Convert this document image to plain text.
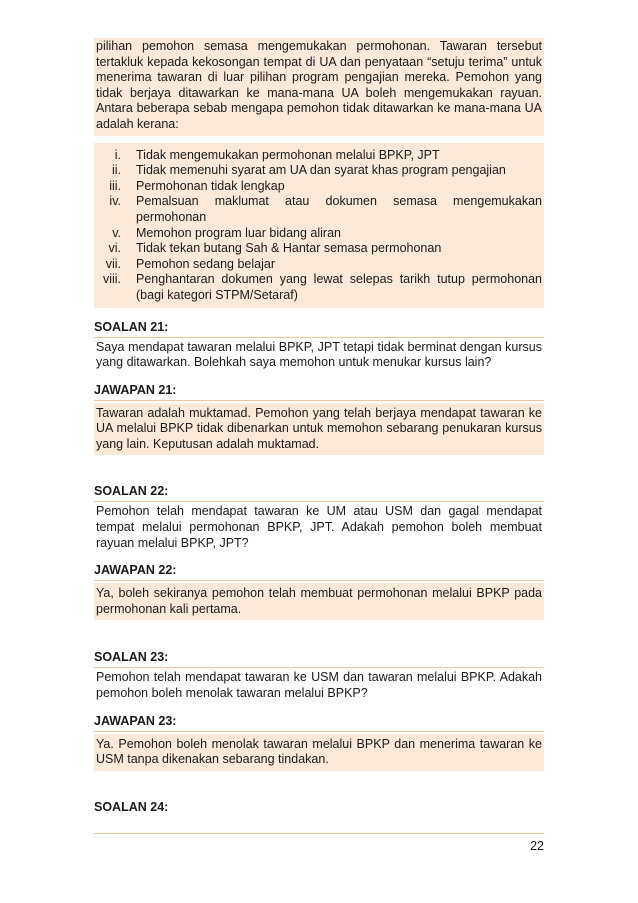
pilihan pemohon semasa mengemukakan permohonan. Tawaran tersebut tertakluk kepada kekosongan tempat di UA dan penyataan “setuju terima” untuk menerima tawaran di luar pilihan program pengajian mereka. Pemohon yang tidak berjaya ditawarkan ke mana-mana UA boleh mengemukakan rayuan. Antara beberapa sebab mengapa pemohon tidak ditawarkan ke mana-mana UA adalah kerana:
i. Tidak mengemukakan permohonan melalui BPKP, JPT
ii. Tidak memenuhi syarat am UA dan syarat khas program pengajian
iii. Permohonan tidak lengkap
iv. Pemalsuan maklumat atau dokumen semasa mengemukakan permohonan
v. Memohon program luar bidang aliran
vi. Tidak tekan butang Sah & Hantar semasa permohonan
vii. Pemohon sedang belajar
viii. Penghantaran dokumen yang lewat selepas tarikh tutup permohonan (bagi kategori STPM/Setaraf)
SOALAN 21:
Saya mendapat tawaran melalui BPKP, JPT tetapi tidak berminat dengan kursus yang ditawarkan. Bolehkah saya memohon untuk menukar kursus lain?
JAWAPAN 21:
Tawaran adalah muktamad. Pemohon yang telah berjaya mendapat tawaran ke UA melalui BPKP tidak dibenarkan untuk memohon sebarang penukaran kursus yang lain. Keputusan adalah muktamad.
SOALAN 22:
Pemohon telah mendapat tawaran ke UM atau USM dan gagal mendapat tempat melalui permohonan BPKP, JPT. Adakah pemohon boleh membuat rayuan melalui BPKP, JPT?
JAWAPAN 22:
Ya, boleh sekiranya pemohon telah membuat permohonan melalui BPKP pada permohonan kali pertama.
SOALAN 23:
Pemohon telah mendapat tawaran ke USM dan tawaran melalui BPKP. Adakah pemohon boleh menolak tawaran melalui BPKP?
JAWAPAN 23:
Ya. Pemohon boleh menolak tawaran melalui BPKP dan menerima tawaran ke USM tanpa dikenakan sebarang tindakan.
SOALAN 24:
22
